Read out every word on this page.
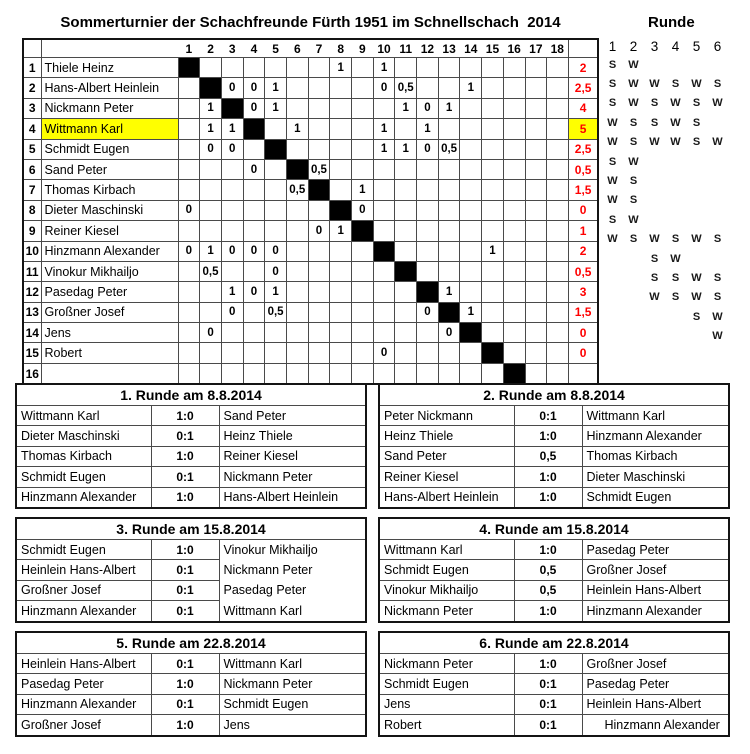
Sommerturnier der Schachfreunde Fürth 1951 im Schnellschach  2014	Runde
		1	2	3	4	5	6	7	8	9	10	11	12	13	14	15	16	17	18	
1	Thiele Heinz								1		1									2
2	Hans-Albert Heinlein			0	0	1					0	0,5			1					2,5
3	Nickmann Peter		1		0	1						1	0	1						4
4	Wittmann Karl		1	1			1				1		1							5
5	Schmidt Eugen		0	0							1	1	0	0,5						2,5
6	Sand Peter				0			0,5												0,5
7	Thomas Kirbach						0,5			1										1,5
8	Dieter Maschinski	0								0										0
9	Reiner Kiesel							0	1											1
10	Hinzmann Alexander	0	1	0	0	0										1				2
11	Vinokur Mikhailjo		0,5			0														0,5
12	Pasedag Peter			1	0	1								1						3
13	Großner Josef			0		0,5							0		1					1,5
14	Jens		0											0						0
15	Robert										0									0
16																				
1	2	3	4	5	6
S	W				
S	W	W	S	W	S
S	W	S	W	S	W
W	S	S	W	S	
W	S	W	W	S	W
S	W				
W	S				
W	S				
S	W				
W	S	W	S	W	S
		S	W		
		S	S	W	S
		W	S	W	S
				S	W
					W

1. Runde am 8.8.2014		
Wittmann Karl	1:0	Sand Peter
Dieter Maschinski	0:1	Heinz Thiele
Thomas Kirbach	1:0	Reiner Kiesel
Schmidt Eugen	0:1	Nickmann Peter
Hinzmann Alexander	1:0	Hans-Albert Heinlein
2. Runde am 8.8.2014		
Peter Nickmann	0:1	Wittmann Karl
Heinz Thiele	1:0	Hinzmann Alexander
Sand Peter	0,5	Thomas Kirbach
Reiner Kiesel	1:0	Dieter Maschinski
Hans-Albert Heinlein	1:0	Schmidt Eugen
3. Runde am 15.8.2014		
Schmidt Eugen	1:0	Vinokur Mikhailjo
Heinlein Hans-Albert	0:1	Nickmann Peter
Großner Josef	0:1	Pasedag Peter
Hinzmann Alexander	0:1	Wittmann Karl
4. Runde am 15.8.2014		
Wittmann Karl	1:0	Pasedag Peter
Schmidt Eugen	0,5	Großner Josef
Vinokur Mikhailjo	0,5	Heinlein Hans-Albert
Nickmann Peter	1:0	Hinzmann Alexander
5. Runde am 22.8.2014		
Heinlein Hans-Albert	0:1	Wittmann Karl
Pasedag Peter	1:0	Nickmann Peter
Hinzmann Alexander	0:1	Schmidt Eugen
Großner Josef	1:0	Jens
6. Runde am 22.8.2014		
Nickmann Peter	1:0	Großner Josef
Schmidt Eugen	0:1	Pasedag Peter
Jens	0:1	Heinlein Hans-Albert
Robert	0:1	Hinzmann Alexander
